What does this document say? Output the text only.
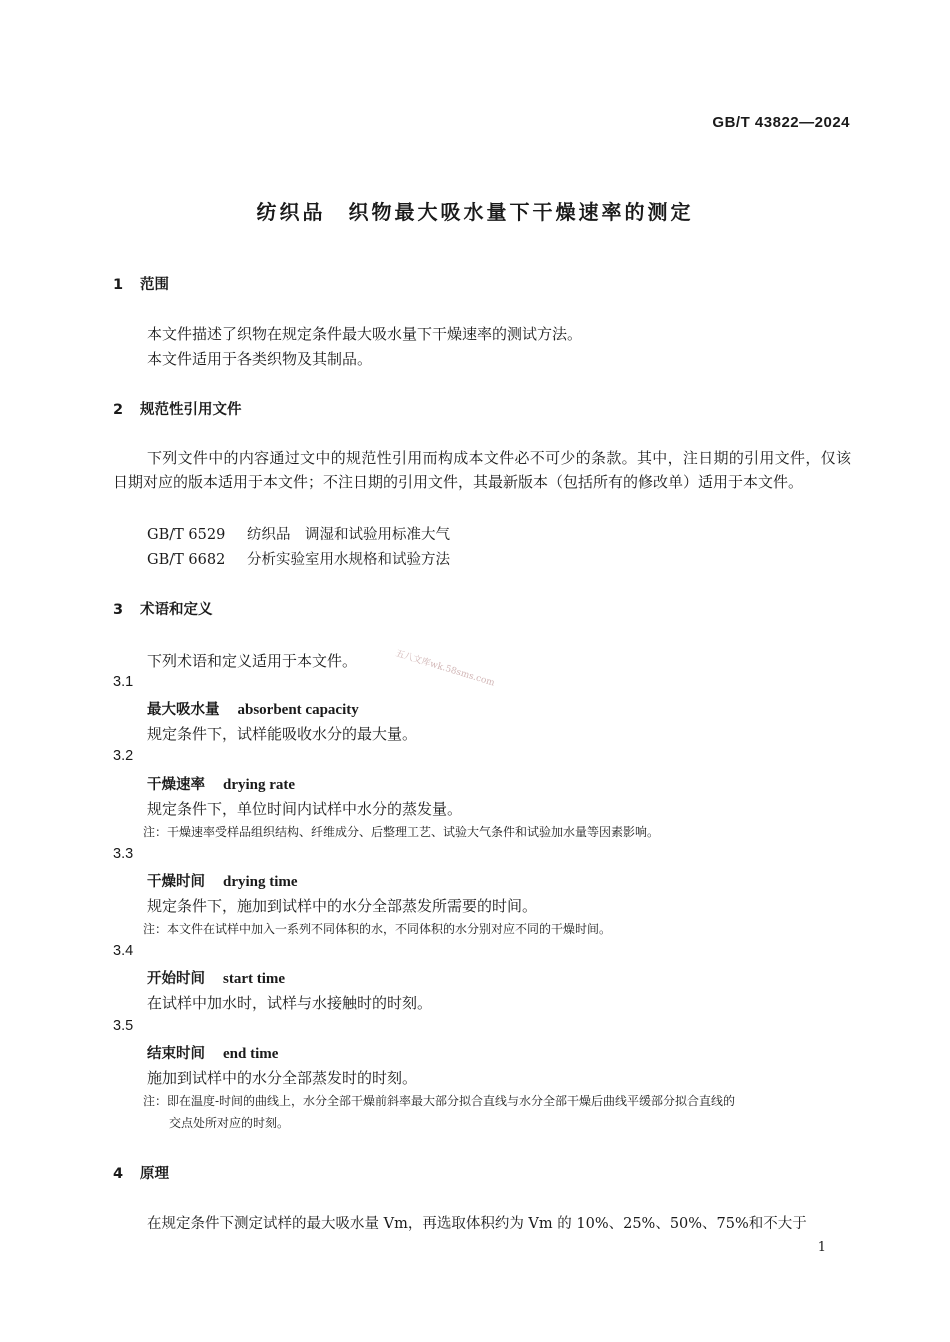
GB/T 43822—2024
纺织品　织物最大吸水量下干燥速率的测定
1 范围
本文件描述了织物在规定条件最大吸水量下干燥速率的测试方法。
本文件适用于各类织物及其制品。
2 规范性引用文件
下列文件中的内容通过文中的规范性引用而构成本文件必不可少的条款。其中，注日期的引用文件，仅该日期对应的版本适用于本文件；不注日期的引用文件，其最新版本（包括所有的修改单）适用于本文件。
GB/T 6529 纺织品　调湿和试验用标准大气
GB/T 6682 分析实验室用水规格和试验方法
3 术语和定义
下列术语和定义适用于本文件。
3.1
最大吸水量 absorbent capacity
规定条件下，试样能吸收水分的最大量。
3.2
干燥速率 drying rate
规定条件下，单位时间内试样中水分的蒸发量。
注：干燥速率受样品组织结构、纤维成分、后整理工艺、试验大气条件和试验加水量等因素影响。
3.3
干燥时间 drying time
规定条件下，施加到试样中的水分全部蒸发所需要的时间。
注：本文件在试样中加入一系列不同体积的水，不同体积的水分别对应不同的干燥时间。
3.4
开始时间 start time
在试样中加水时，试样与水接触时的时刻。
3.5
结束时间 end time
施加到试样中的水分全部蒸发时的时刻。
注：即在温度-时间的曲线上，水分全部干燥前斜率最大部分拟合直线与水分全部干燥后曲线平缓部分拟合直线的
交点处所对应的时刻。
4 原理
在规定条件下测定试样的最大吸水量 Vm，再选取体积约为 Vm 的 10%、25%、50%、75%和不大于
1
五八文库wk.58sms.com
